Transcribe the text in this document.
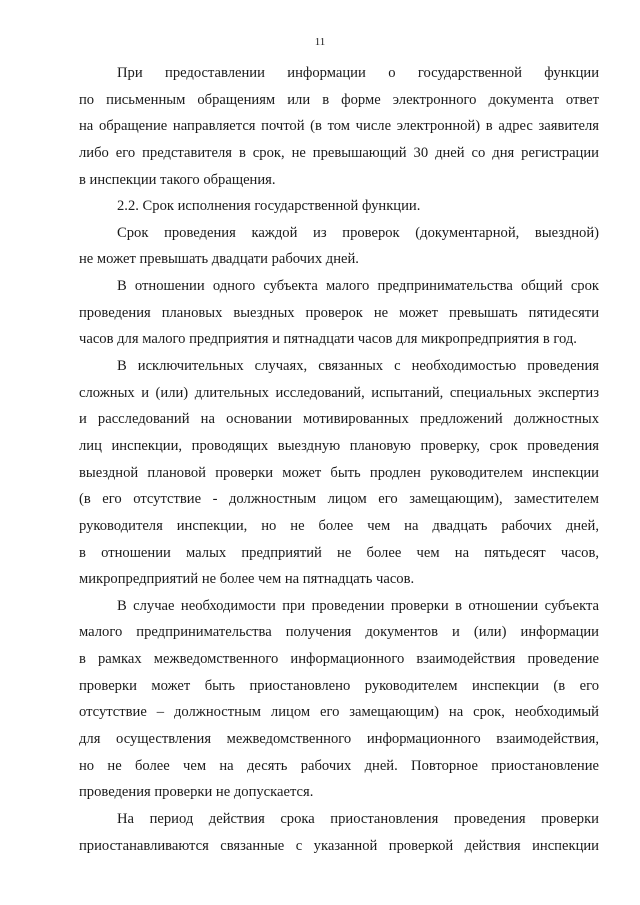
11
При предоставлении информации о государственной функции
по письменным обращениям или в форме электронного документа ответ
на обращение направляется почтой (в том числе электронной) в адрес заявителя
либо его представителя в срок, не превышающий 30 дней со дня регистрации
в инспекции такого обращения.
2.2. Срок исполнения государственной функции.
Срок проведения каждой из проверок (документарной, выездной)
не может превышать двадцати рабочих дней.
В отношении одного субъекта малого предпринимательства общий срок
проведения плановых выездных проверок не может превышать пятидесяти
часов для малого предприятия и пятнадцати часов для микропредприятия в год.
В исключительных случаях, связанных с необходимостью проведения
сложных и (или) длительных исследований, испытаний, специальных экспертиз
и расследований на основании мотивированных предложений должностных
лиц инспекции, проводящих выездную плановую проверку, срок проведения
выездной плановой проверки может быть продлен руководителем инспекции
(в его отсутствие - должностным лицом его замещающим), заместителем
руководителя инспекции, но не более чем на двадцать рабочих дней,
в отношении малых предприятий не более чем на пятьдесят часов,
микропредприятий не более чем на пятнадцать часов.
В случае необходимости при проведении проверки в отношении субъекта
малого предпринимательства получения документов и (или) информации
в рамках межведомственного информационного взаимодействия проведение
проверки может быть приостановлено руководителем инспекции (в его
отсутствие – должностным лицом его замещающим) на срок, необходимый
для осуществления межведомственного информационного взаимодействия,
но не более чем на десять рабочих дней. Повторное приостановление
проведения проверки не допускается.
На период действия срока приостановления проведения проверки
приостанавливаются связанные с указанной проверкой действия инспекции
